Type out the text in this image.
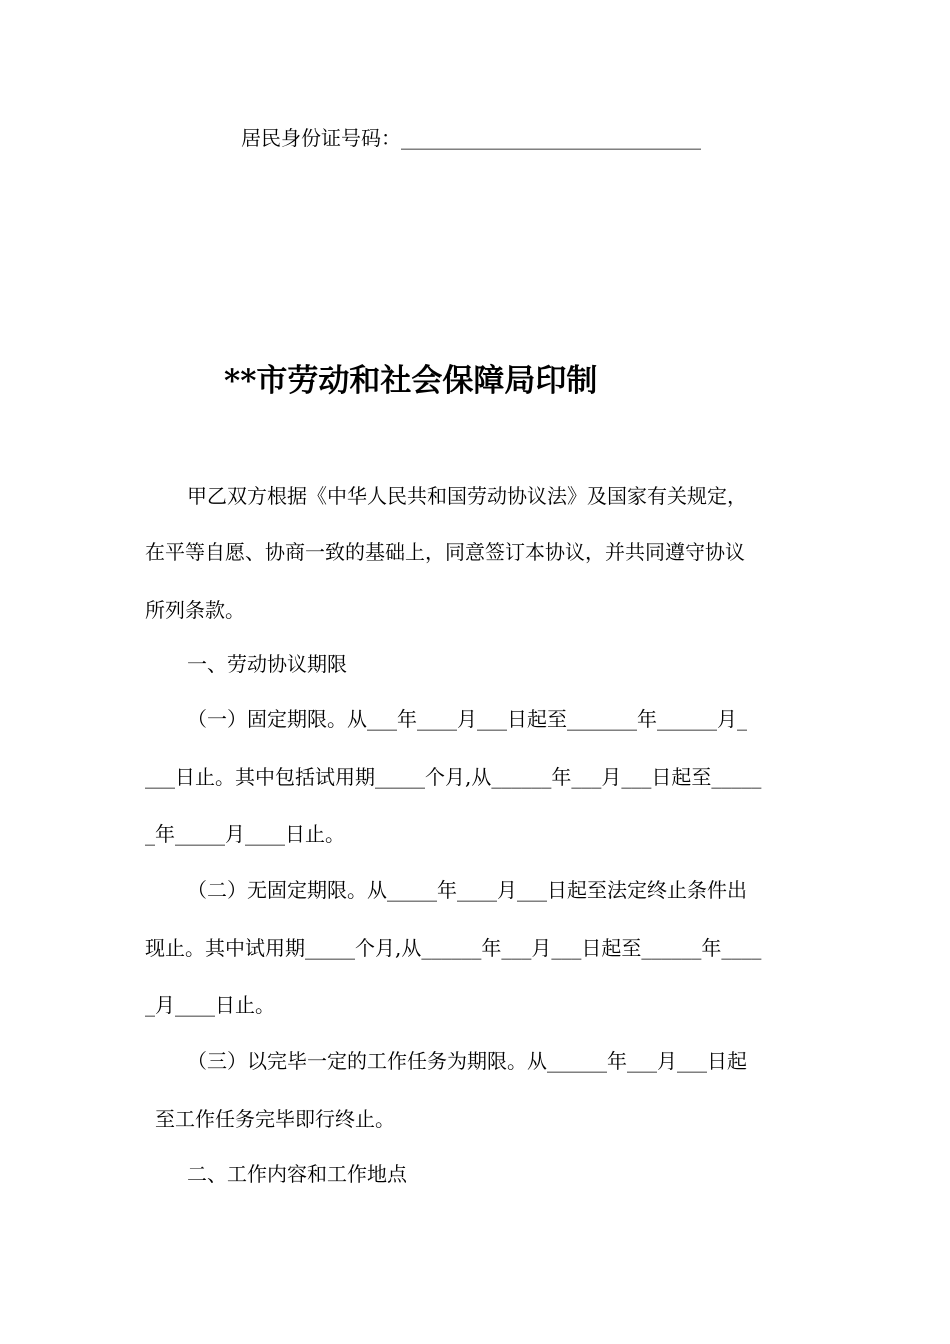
居民身份证号码：______________________________

**市劳动和社会保障局印制

甲乙双方根据《中华人民共和国劳动协议法》及国家有关规定，

在平等自愿、协商一致的基础上，同意签订本协议，并共同遵守协议

所列条款。

一、劳动协议期限

（一）固定期限。从___年____月___日起至_______年______月_

___日止。其中包括试用期_____个月,从______年___月___日起至_____

_年_____月____日止。

（二）无固定期限。从_____年____月___日起至法定终止条件出

现止。其中试用期_____个月,从______年___月___日起至______年____

_月____日止。

（三）以完毕一定的工作任务为期限。从______年___月___日起

至工作任务完毕即行终止。

二、工作内容和工作地点
